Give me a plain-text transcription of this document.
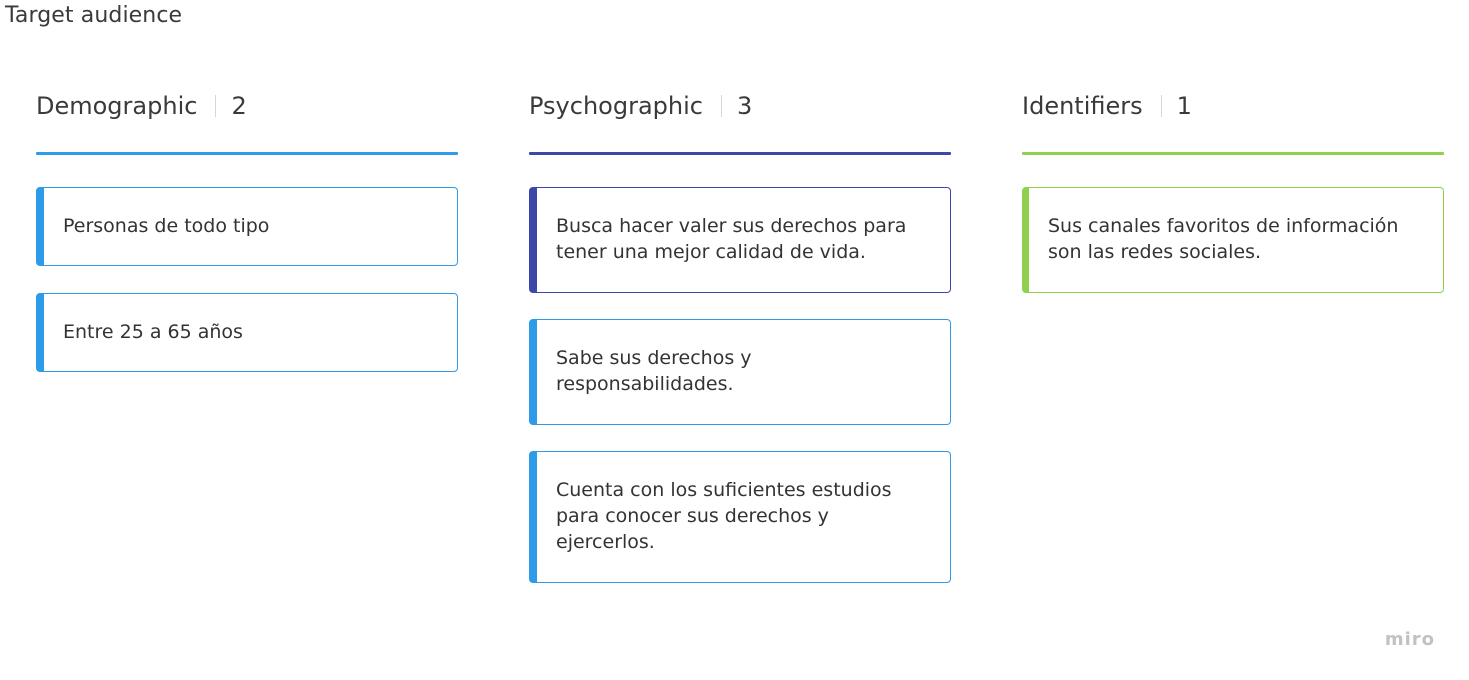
Target audience
Demographic 2
Personas de todo tipo
Entre 25 a 65 años
Psychographic 3
Busca hacer valer sus derechos para tener una mejor calidad de vida.
Sabe sus derechos y responsabilidades.
Cuenta con los suficientes estudios para conocer sus derechos y ejercerlos.
Identifiers 1
Sus canales favoritos de información son las redes sociales.
miro
